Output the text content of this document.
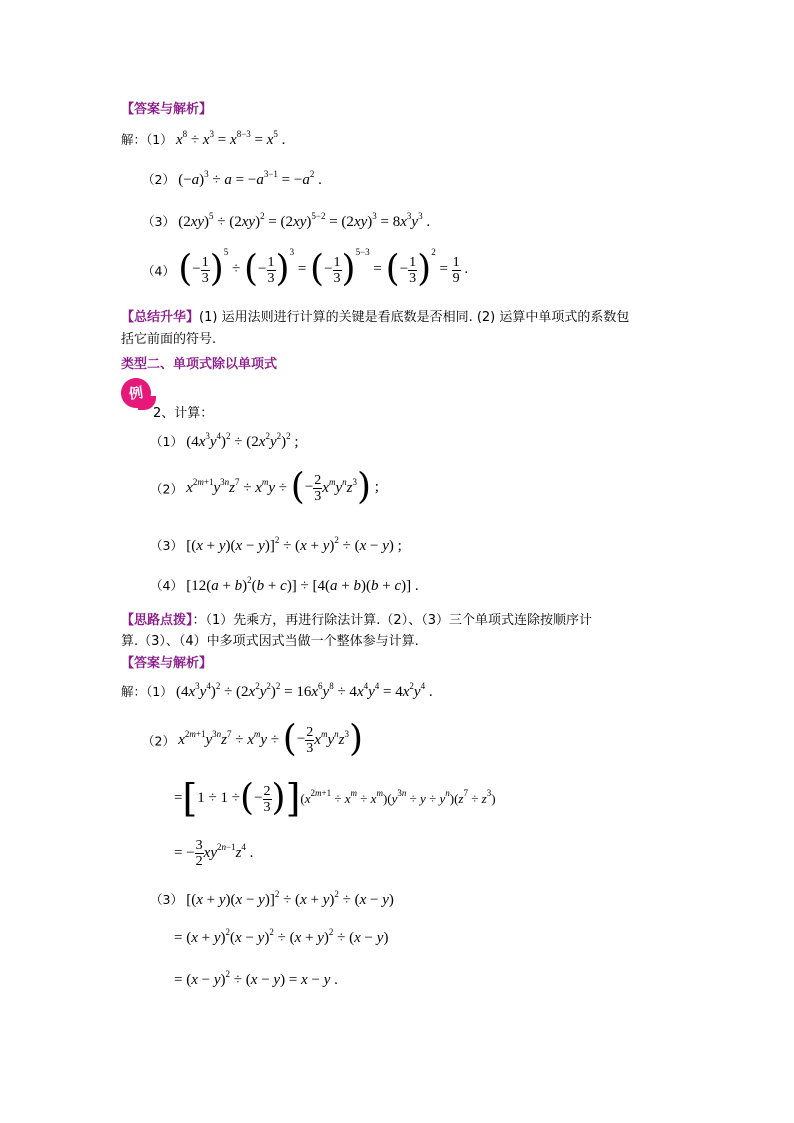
【答案与解析】
解：（1） $x^8 \div x^3 = x^{8-3} = x^5$ .
（2） $(-a)^3 \div a = -a^{3-1} = -a^2$ .
（3） $(2xy)^5 \div (2xy)^2 = (2xy)^{5-2} = (2xy)^3 = 8x^3y^3$ .
（4） (− $\frac{1}{3} )^5$ ÷ (− $\frac{1}{3} )^3$ = (− $\frac{1}{3} )^{5-3}$ = (− $\frac{1}{3} )^2 = \frac{1}{9}$ .
【总结升华】(1) 运用法则进行计算的关键是看底数是否相同. (2) 运算中单项式的系数包
括它前面的符号.
类型二、单项式除以单项式
例
2、计算：
（1） $(4x^3y^4)^2 \div (2x^2y^2)^2$ ;
（2） $x^{2m+1}y^{3n}z^7 \div x^my$ ÷ (− $\frac{2}{3} x^my^nz^3$) ;
（3） $[(x + y)(x - y)]^2 \div (x + y)^2 \div (x - y)$ ;
（4） $[12(a + b)^2(b + c)] \div [4(a + b)(b + c)]$ .
【思路点拨】：（1）先乘方，再进行除法计算.（2）、（3）三个单项式连除按顺序计
算.（3）、（4）中多项式因式当做一个整体参与计算.
【答案与解析】
解：（1） $(4x^3y^4)^2 \div (2x^2y^2)^2 = 16x^6y^8 \div 4x^4y^4 = 4x^2y^4$ .
（2） $x^{2m+1}y^{3n}z^7 \div x^my$ ÷ (− $\frac{2}{3} x^my^nz^3$)
=[1 ÷ 1 ÷(− $\frac{2}{3} )](x^{2m+1} \div x^m \div x^m)(y^{3n} \div y \div y^n)(z^7 \div z^3)$
= − $\frac{3}{2} xy^{2n-1}z^4$ .
（3） $[(x + y)(x - y)]^2 \div (x + y)^2 \div (x - y)$
= $(x + y)^2(x - y)^2 \div (x + y)^2 \div (x - y)$
= $(x - y)^2 \div (x - y) = x - y$ .
